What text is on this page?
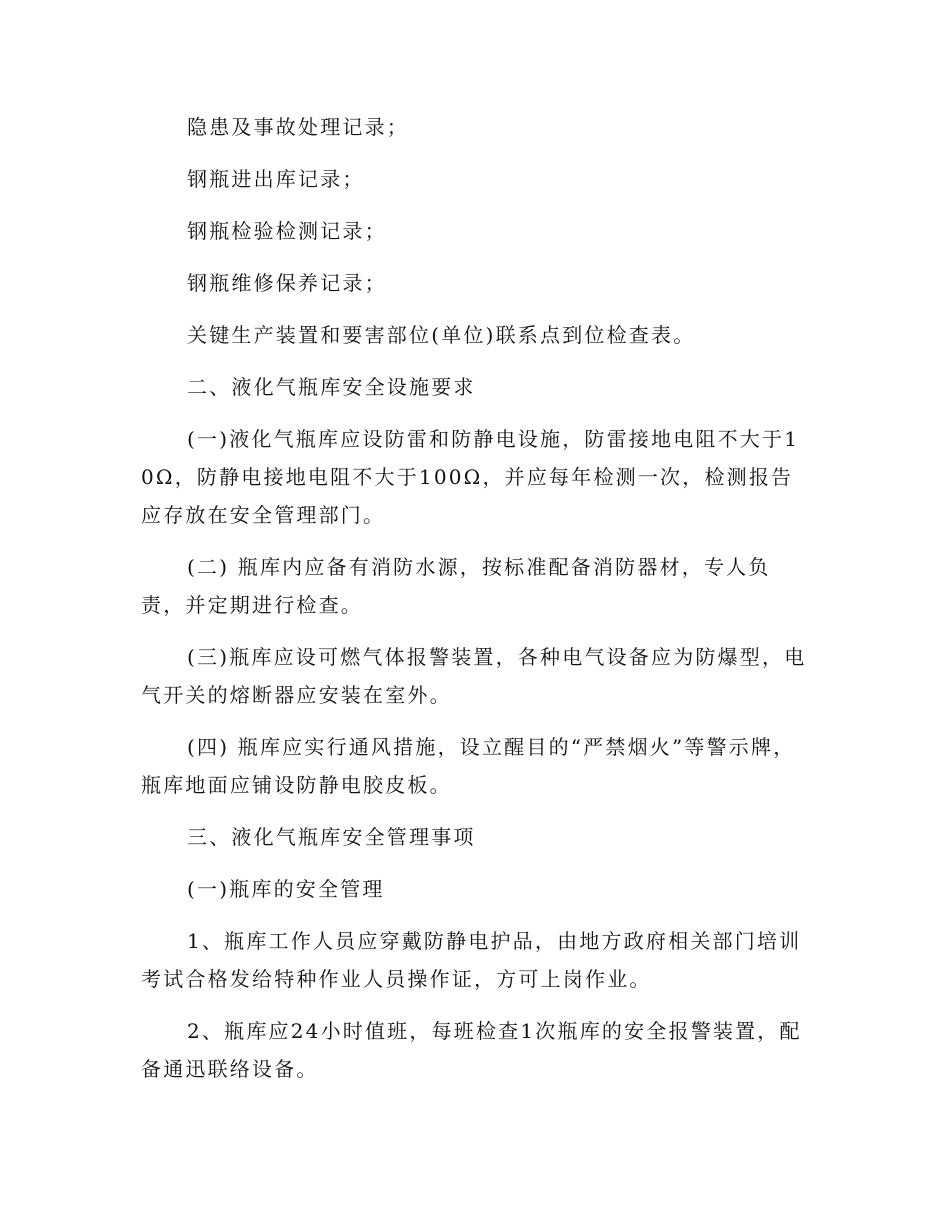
隐患及事故处理记录；

钢瓶进出库记录；

钢瓶检验检测记录；

钢瓶维修保养记录；

关键生产装置和要害部位(单位)联系点到位检查表。

二、液化气瓶库安全设施要求

(一)液化气瓶库应设防雷和防静电设施，防雷接地电阻不大于10Ω，防静电接地电阻不大于100Ω，并应每年检测一次，检测报告应存放在安全管理部门。

(二) 瓶库内应备有消防水源，按标准配备消防器材，专人负责，并定期进行检查。

(三)瓶库应设可燃气体报警装置，各种电气设备应为防爆型，电气开关的熔断器应安装在室外。

(四) 瓶库应实行通风措施，设立醒目的“严禁烟火”等警示牌，瓶库地面应铺设防静电胶皮板。

三、液化气瓶库安全管理事项

(一)瓶库的安全管理

1、瓶库工作人员应穿戴防静电护品，由地方政府相关部门培训考试合格发给特种作业人员操作证，方可上岗作业。

2、瓶库应24小时值班，每班检查1次瓶库的安全报警装置，配备通迅联络设备。
